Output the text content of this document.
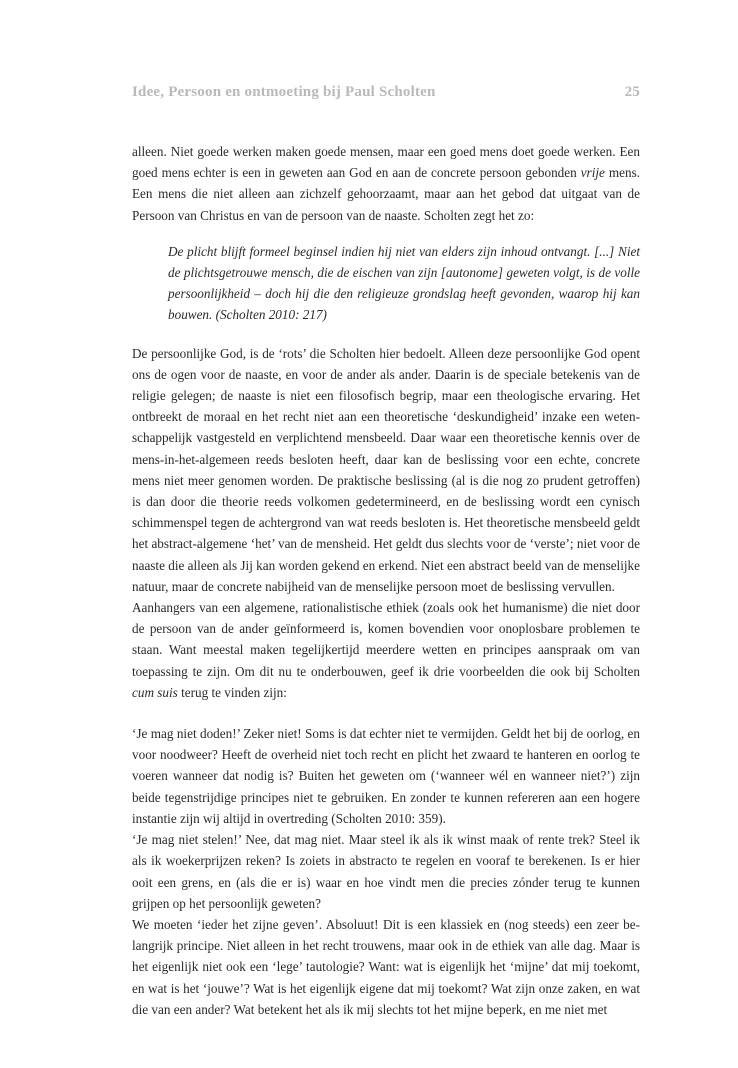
Idee, Persoon en ontmoeting bij Paul Scholten	25

alleen. Niet goede werken maken goede mensen, maar een goed mens doet goede werken. Een goed mens echter is een in geweten aan God en aan de concrete persoon gebonden vrije mens. Een mens die niet alleen aan zichzelf gehoorzaamt, maar aan het gebod dat uitgaat van de Persoon van Christus en van de persoon van de naaste. Scholten zegt het zo:

De plicht blijft formeel beginsel indien hij niet van elders zijn inhoud ontvangt. [...] Niet de plichtsgetrouwe mensch, die de eischen van zijn [autonome] geweten volgt, is de volle persoonlijkheid – doch hij die den religieuze grondslag heeft gevonden, waarop hij kan bouwen. (Scholten 2010: 217)

De persoonlijke God, is de ‘rots’ die Scholten hier bedoelt. Alleen deze persoonlijke God opent ons de ogen voor de naaste, en voor de ander als ander. Daarin is de speciale betekenis van de religie gelegen; de naaste is niet een filosofisch begrip, maar een theologische ervaring. Het ontbreekt de moraal en het recht niet aan een theoretische ‘deskundigheid’ inzake een weten-schappelijk vastgesteld en verplichtend mensbeeld. Daar waar een theoretische kennis over de mens-in-het-algemeen reeds besloten heeft, daar kan de beslissing voor een echte, concrete mens niet meer genomen worden. De praktische beslissing (al is die nog zo prudent getroffen) is dan door die theorie reeds volkomen gedetermineerd, en de beslissing wordt een cynisch schimmenspel tegen de achtergrond van wat reeds besloten is. Het theoretische mensbeeld geldt het abstract-algemene ‘het’ van de mensheid. Het geldt dus slechts voor de ‘verste’; niet voor de naaste die alleen als Jij kan worden gekend en erkend. Niet een abstract beeld van de menselijke natuur, maar de concrete nabijheid van de menselijke persoon moet de beslissing vervullen.

Aanhangers van een algemene, rationalistische ethiek (zoals ook het humanisme) die niet door de persoon van de ander geïnformeerd is, komen bovendien voor onoplosbare problemen te staan. Want meestal maken tegelijkertijd meerdere wetten en principes aanspraak om van toepassing te zijn. Om dit nu te onderbouwen, geef ik drie voorbeelden die ook bij Scholten cum suis terug te vinden zijn:

‘Je mag niet doden!’ Zeker niet! Soms is dat echter niet te vermijden. Geldt het bij de oorlog, en voor noodweer? Heeft de overheid niet toch recht en plicht het zwaard te hanteren en oorlog te voeren wanneer dat nodig is? Buiten het geweten om (‘wanneer wél en wanneer niet?’) zijn beide tegenstrijdige principes niet te gebruiken. En zonder te kunnen refereren aan een hogere instantie zijn wij altijd in overtreding (Scholten 2010: 359).

‘Je mag niet stelen!’ Nee, dat mag niet. Maar steel ik als ik winst maak of rente trek? Steel ik als ik woekerprijzen reken? Is zoiets in abstracto te regelen en vooraf te berekenen. Is er hier ooit een grens, en (als die er is) waar en hoe vindt men die precies zónder terug te kunnen grijpen op het persoonlijk geweten?

We moeten ‘ieder het zijne geven’. Absoluut! Dit is een klassiek en (nog steeds) een zeer be-langrijk principe. Niet alleen in het recht trouwens, maar ook in de ethiek van alle dag. Maar is het eigenlijk niet ook een ‘lege’ tautologie? Want: wat is eigenlijk het ‘mijne’ dat mij toekomt, en wat is het ‘jouwe’? Wat is het eigenlijk eigene dat mij toekomt? Wat zijn onze zaken, en wat die van een ander? Wat betekent het als ik mij slechts tot het mijne beperk, en me niet met
